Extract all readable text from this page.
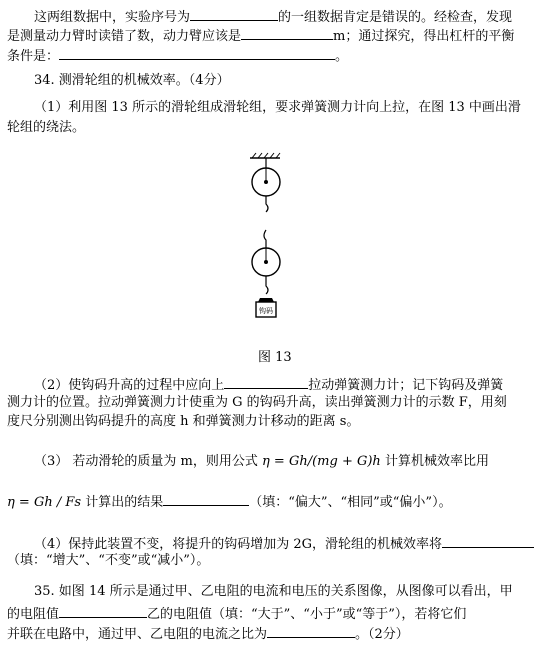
这两组数据中，实验序号为	的一组数据肯定是错误的。经检查，发现
是测量动力臂时读错了数，动力臂应该是	m；通过探究，得出杠杆的平衡
条件是：	。
34. 测滑轮组的机械效率。（4分）
（1）利用图 13 所示的滑轮组成滑轮组，要求弹簧测力计向上拉，在图 13 中画出滑
轮组的绕法。
钩码
图 13
（2）使钩码升高的过程中应向上	拉动弹簧测力计；记下钩码及弹簧
测力计的位置。拉动弹簧测力计使重为 G 的钩码升高，读出弹簧测力计的示数 F，用刻
度尺分别测出钩码提升的高度 h 和弹簧测力计移动的距离 s。
（3） 若动滑轮的质量为 m，则用公式 η = Gh/(mg + G)h 计算机械效率比用
η = Gh / Fs 计算出的结果	（填：“偏大”、“相同”或“偏小”）。
（4）保持此装置不变，将提升的钩码增加为 2G，滑轮组的机械效率将
（填：“增大”、“不变”或“减小”）。
35. 如图 14 所示是通过甲、乙电阻的电流和电压的关系图像，从图像可以看出，甲
的电阻值	乙的电阻值（填：“大于”、“小于”或“等于”），若将它们
并联在电路中，通过甲、乙电阻的电流之比为	。（2分）
